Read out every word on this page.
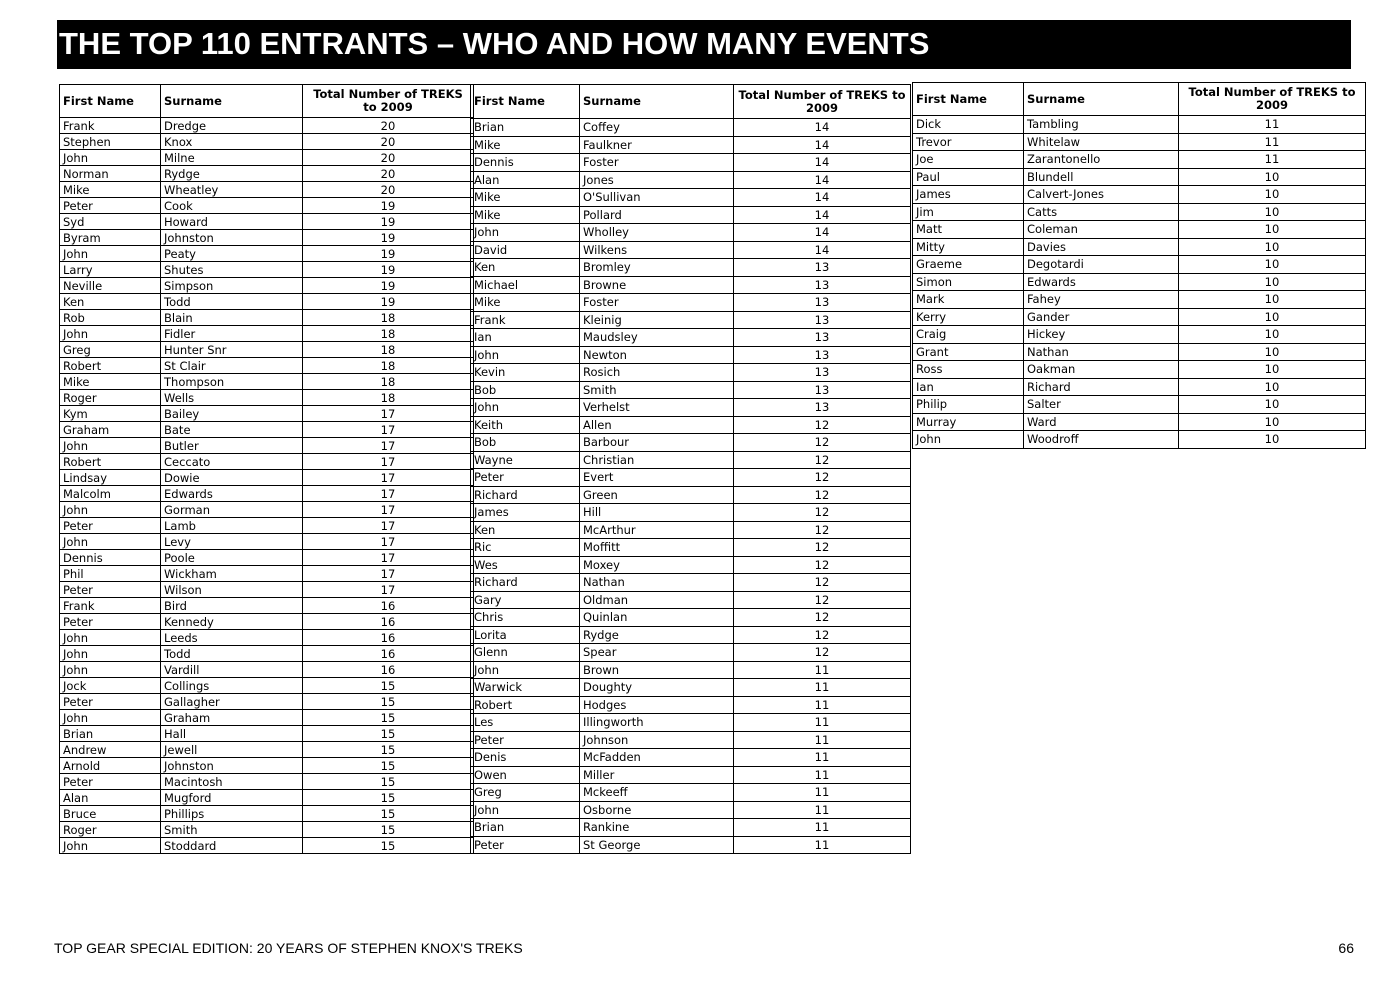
THE TOP 110 ENTRANTS – WHO AND HOW MANY EVENTS
First Name	Surname	Total Number of TREKS to 2009
Frank	Dredge	20
Stephen	Knox	20
John	Milne	20
Norman	Rydge	20
Mike	Wheatley	20
Peter	Cook	19
Syd	Howard	19
Byram	Johnston	19
John	Peaty	19
Larry	Shutes	19
Neville	Simpson	19
Ken	Todd	19
Rob	Blain	18
John	Fidler	18
Greg	Hunter Snr	18
Robert	St Clair	18
Mike	Thompson	18
Roger	Wells	18
Kym	Bailey	17
Graham	Bate	17
John	Butler	17
Robert	Ceccato	17
Lindsay	Dowie	17
Malcolm	Edwards	17
John	Gorman	17
Peter	Lamb	17
John	Levy	17
Dennis	Poole	17
Phil	Wickham	17
Peter	Wilson	17
Frank	Bird	16
Peter	Kennedy	16
John	Leeds	16
John	Todd	16
John	Vardill	16
Jock	Collings	15
Peter	Gallagher	15
John	Graham	15
Brian	Hall	15
Andrew	Jewell	15
Arnold	Johnston	15
Peter	Macintosh	15
Alan	Mugford	15
Bruce	Phillips	15
Roger	Smith	15
John	Stoddard	15
First Name	Surname	Total Number of TREKS to 2009
Brian	Coffey	14
Mike	Faulkner	14
Dennis	Foster	14
Alan	Jones	14
Mike	O'Sullivan	14
Mike	Pollard	14
John	Wholley	14
David	Wilkens	14
Ken	Bromley	13
Michael	Browne	13
Mike	Foster	13
Frank	Kleinig	13
Ian	Maudsley	13
John	Newton	13
Kevin	Rosich	13
Bob	Smith	13
John	Verhelst	13
Keith	Allen	12
Bob	Barbour	12
Wayne	Christian	12
Peter	Evert	12
Richard	Green	12
James	Hill	12
Ken	McArthur	12
Ric	Moffitt	12
Wes	Moxey	12
Richard	Nathan	12
Gary	Oldman	12
Chris	Quinlan	12
Lorita	Rydge	12
Glenn	Spear	12
John	Brown	11
Warwick	Doughty	11
Robert	Hodges	11
Les	Illingworth	11
Peter	Johnson	11
Denis	McFadden	11
Owen	Miller	11
Greg	Mckeeff	11
John	Osborne	11
Brian	Rankine	11
Peter	St George	11
First Name	Surname	Total Number of TREKS to 2009
Dick	Tambling	11
Trevor	Whitelaw	11
Joe	Zarantonello	11
Paul	Blundell	10
James	Calvert-Jones	10
Jim	Catts	10
Matt	Coleman	10
Mitty	Davies	10
Graeme	Degotardi	10
Simon	Edwards	10
Mark	Fahey	10
Kerry	Gander	10
Craig	Hickey	10
Grant	Nathan	10
Ross	Oakman	10
Ian	Richard	10
Philip	Salter	10
Murray	Ward	10
John	Woodroff	10
TOP GEAR SPECIAL EDITION: 20 YEARS OF STEPHEN KNOX'S TREKS	66
